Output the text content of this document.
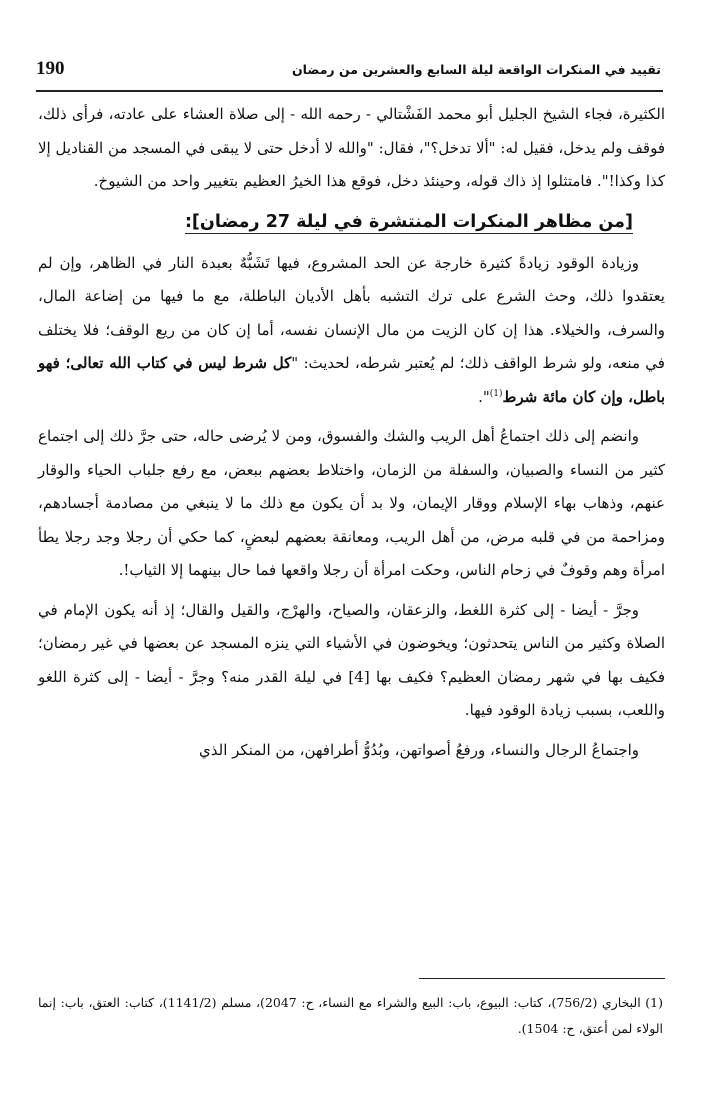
190	تقييد في المنكرات الواقعة ليلة السابع والعشرين من رمضان

الكثيرة، فجاء الشيخ الجليل أبو محمد الفَشْتالي - رحمه الله - إلى صلاة العشاء على عادته، فرأى ذلك، فوقف ولم يدخل، فقيل له: "ألا تدخل؟"، فقال: "والله لا أدخل حتى لا يبقى في المسجد من القناديل إلا كذا وكذا!". فامتثلوا إذ ذاك قوله، وحينئذ دخل، فوقع هذا الخيرُ العظيم بتغيير واحد من الشيوخ.

[من مظاهر المنكرات المنتشرة في ليلة 27 رمضان]:

وزيادة الوقود زيادةً كثيرة خارجة عن الحد المشروع، فيها تَشَبُّهٌ بعبدة النار في الظاهر، وإن لم يعتقدوا ذلك، وحث الشرع على ترك التشبه بأهل الأديان الباطلة، مع ما فيها من إضاعة المال، والسرف، والخيلاء. هذا إن كان الزيت من مال الإنسان نفسه، أما إن كان من ريع الوقف؛ فلا يختلف في منعه، ولو شرط الواقف ذلك؛ لم يُعتبر شرطه، لحديث: "كل شرط ليس في كتاب الله تعالى؛ فهو باطل، وإن كان مائة شرط$^{(1)}$".

وانضم إلى ذلك اجتماعُ أهل الريب والشك والفسوق، ومن لا يُرضى حاله، حتى جرَّ ذلك إلى اجتماع كثير من النساء والصبيان، والسفلة من الزمان، واختلاط بعضهم ببعض، مع رفع جلباب الحياء والوقار عنهم، وذهاب بهاء الإسلام ووقار الإيمان، ولا بد أن يكون مع ذلك ما لا ينبغي من مصادمة أجسادهم، ومزاحمة من في قلبه مرض، من أهل الريب، ومعانقة بعضهم لبعضٍ، كما حكي أن رجلا وجد رجلا يطأ امرأة وهم وقوفٌ في زحام الناس، وحكت امرأة أن رجلا واقعها فما حال بينهما إلا الثياب!.

وجرَّ - أيضا - إلى كثرة اللغط، والزعقان، والصياح، والهرْج، والقيل والقال؛ إذ أنه يكون الإمام في الصلاة وكثير من الناس يتحدثون؛ ويخوضون في الأشياء التي ينزه المسجد عن بعضها في غير رمضان؛ فكيف بها في شهر رمضان العظيم؟ فكيف بها [4] في ليلة القدر منه؟ وجرَّ - أيضا - إلى كثرة اللغو واللعب، بسبب زيادة الوقود فيها.

واجتماعُ الرجال والنساء، ورفعُ أصواتهن، وبُدُوُّ أطرافهن، من المنكر الذي

(1) البخاري (756/2)، كتاب: البيوع، باب: البيع والشراء مع النساء، ح: 2047)، مسلم (1141/2)، كتاب: العتق، باب: إنما الولاء لمن أعتق، ح: 1504).
